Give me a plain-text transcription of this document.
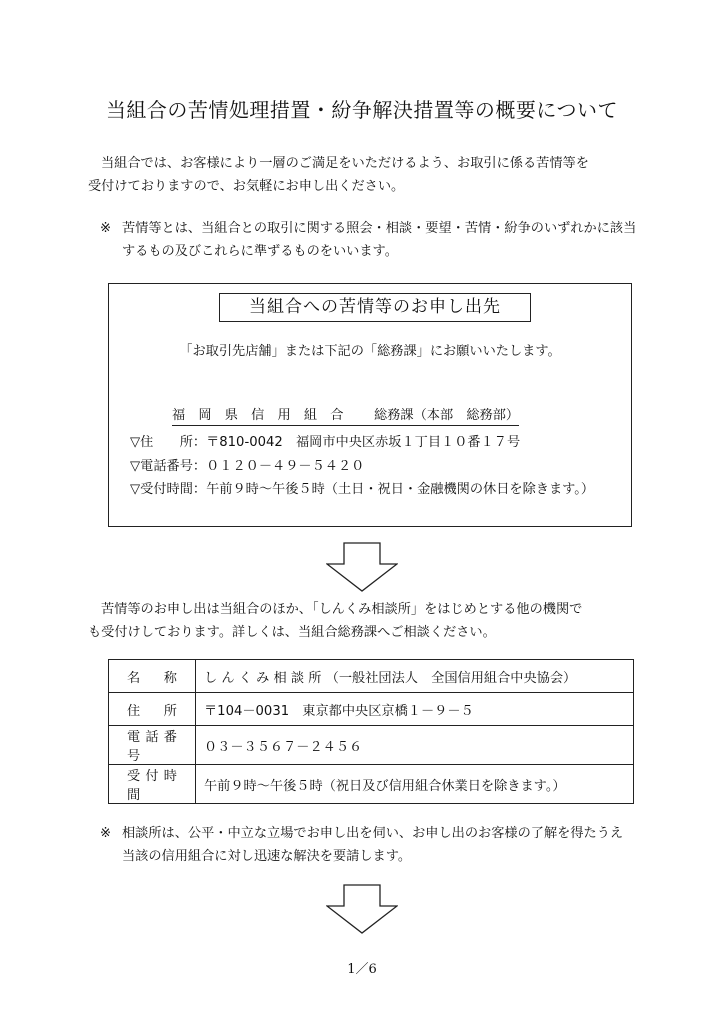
当組合の苦情処理措置・紛争解決措置等の概要について
当組合では、お客様により一層のご満足をいただけるよう、お取引に係る苦情等を
受付けておりますので、お気軽にお申し出ください。
※ 苦情等とは、当組合との取引に関する照会・相談・要望・苦情・紛争のいずれかに該当
するもの及びこれらに準ずるものをいいます。
当組合への苦情等のお申し出先
「お取引先店舗」または下記の「総務課」にお願いいたします。
福　岡　県　信　用　組　合　　 総務課（本部　総務部）
▽住　　所：〒810-0042　福岡市中央区赤坂１丁目１０番１７号
▽電話番号：０１２０－４９－５４２０
▽受付時間：午前９時～午後５時（土日・祝日・金融機関の休日を除きます。）
苦情等のお申し出は当組合のほか、「しんくみ相談所」をはじめとする他の機関で
も受付けしております。詳しくは、当組合総務課へご相談ください。
名称	し ん く み 相 談 所 （一般社団法人　全国信用組合中央協会）
住所	〒104－0031　東京都中央区京橋１－９－５
電話番号	０３－３５６７－２４５６
受付時間	午前９時～午後５時（祝日及び信用組合休業日を除きます。）
※ 相談所は、公平・中立な立場でお申し出を伺い、お申し出のお客様の了解を得たうえ
当該の信用組合に対し迅速な解決を要請します。
1／6
